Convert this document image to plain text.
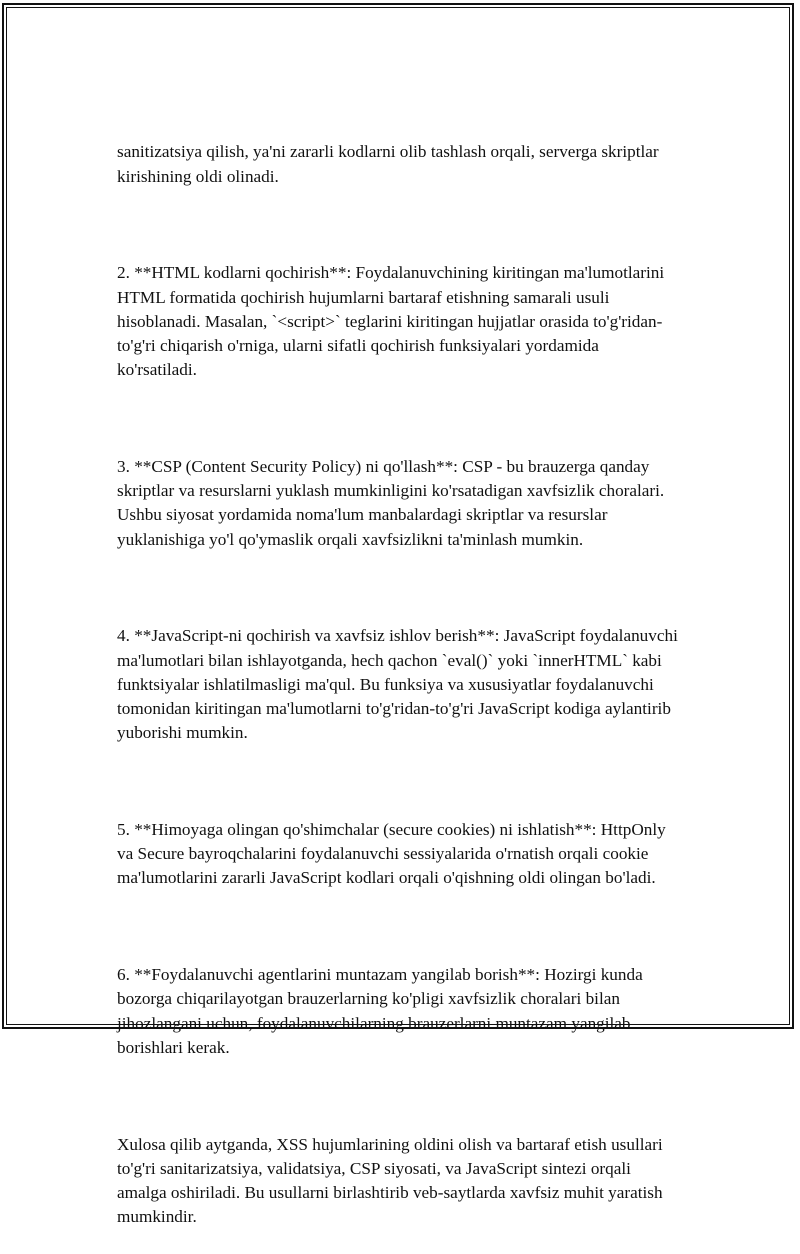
sanitizatsiya qilish, ya'ni zararli kodlarni olib tashlash orqali, serverga skriptlar kirishining oldi olinadi.

2. **HTML kodlarni qochirish**: Foydalanuvchining kiritingan ma'lumotlarini HTML formatida qochirish hujumlarni bartaraf etishning samarali usuli hisoblanadi. Masalan, `<script>` teglarini kiritingan hujjatlar orasida to'g'ridan-to'g'ri chiqarish o'rniga, ularni sifatli qochirish funksiyalari yordamida ko'rsatiladi.

3. **CSP (Content Security Policy) ni qo'llash**: CSP - bu brauzerga qanday skriptlar va resurslarni yuklash mumkinligini ko'rsatadigan xavfsizlik choralari. Ushbu siyosat yordamida noma'lum manbalardagi skriptlar va resurslar yuklanishiga yo'l qo'ymaslik orqali xavfsizlikni ta'minlash mumkin.

4. **JavaScript-ni qochirish va xavfsiz ishlov berish**: JavaScript foydalanuvchi ma'lumotlari bilan ishlayotganda, hech qachon `eval()` yoki `innerHTML` kabi funktsiyalar ishlatilmasligi ma'qul. Bu funksiya va xususiyatlar foydalanuvchi tomonidan kiritingan ma'lumotlarni to'g'ridan-to'g'ri JavaScript kodiga aylantirib yuborishi mumkin.

5. **Himoyaga olingan qo'shimchalar (secure cookies) ni ishlatish**: HttpOnly va Secure bayroqchalarini foydalanuvchi sessiyalarida o'rnatish orqali cookie ma'lumotlarini zararli JavaScript kodlari orqali o'qishning oldi olingan bo'ladi.

6. **Foydalanuvchi agentlarini muntazam yangilab borish**: Hozirgi kunda bozorga chiqarilayotgan brauzerlarning ko'pligi xavfsizlik choralari bilan jihozlangani uchun, foydalanuvchilarning brauzerlarni muntazam yangilab borishlari kerak.

Xulosa qilib aytganda, XSS hujumlarining oldini olish va bartaraf etish usullari to'g'ri sanitarizatsiya, validatsiya, CSP siyosati, va JavaScript sintezi orqali amalga oshiriladi. Bu usullarni birlashtirib veb-saytlarda xavfsiz muhit yaratish mumkindir.
